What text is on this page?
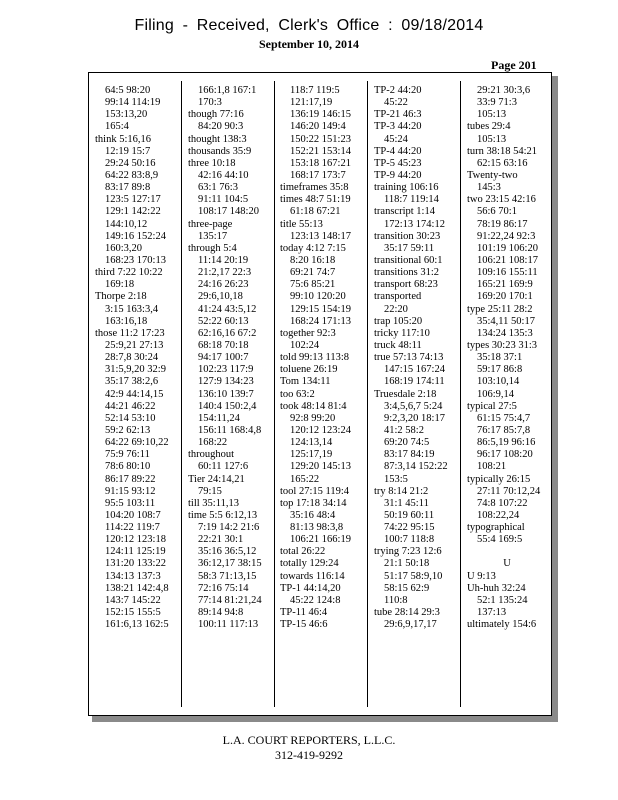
Filing - Received, Clerk's Office : 09/18/2014
September 10, 2014
Page 201
64:5 98:20
99:14 114:19
153:13,20
165:4
think 5:16,16
12:19 15:7
29:24 50:16
64:22 83:8,9
83:17 89:8
123:5 127:17
129:1 142:22
144:10,12
149:16 152:24
160:3,20
168:23 170:13
third 7:22 10:22
169:18
Thorpe 2:18
3:15 163:3,4
163:16,18
those 11:2 17:23
25:9,21 27:13
28:7,8 30:24
31:5,9,20 32:9
35:17 38:2,6
42:9 44:14,15
44:21 46:22
52:14 53:10
59:2 62:13
64:22 69:10,22
75:9 76:11
78:6 80:10
86:17 89:22
91:15 93:12
95:5 103:11
104:20 108:7
114:22 119:7
120:12 123:18
124:11 125:19
131:20 133:22
134:13 137:3
138:21 142:4,8
143:7 145:22
152:15 155:5
161:6,13 162:5
166:1,8 167:1
170:3
though 77:16
84:20 90:3
thought 138:3
thousands 35:9
three 10:18
42:16 44:10
63:1 76:3
91:11 104:5
108:17 148:20
three-page
135:17
through 5:4
11:14 20:19
21:2,17 22:3
24:16 26:23
29:6,10,18
41:24 43:5,12
52:22 60:13
62:16,16 67:2
68:18 70:18
94:17 100:7
102:23 117:9
127:9 134:23
136:10 139:7
140:4 150:2,4
154:11,24
156:11 168:4,8
168:22
throughout
60:11 127:6
Tier 24:14,21
79:15
till 35:11,13
time 5:5 6:12,13
7:19 14:2 21:6
22:21 30:1
35:16 36:5,12
36:12,17 38:15
58:3 71:13,15
72:16 75:14
77:14 81:21,24
89:14 94:8
100:11 117:13
118:7 119:5
121:17,19
136:19 146:15
146:20 149:4
150:22 151:23
152:21 153:14
153:18 167:21
168:17 173:7
timeframes 35:8
times 48:7 51:19
61:18 67:21
title 55:13
123:13 148:17
today 4:12 7:15
8:20 16:18
69:21 74:7
75:6 85:21
99:10 120:20
129:15 154:19
168:24 171:13
together 92:3
102:24
told 99:13 113:8
toluene 26:19
Tom 134:11
too 63:2
took 48:14 81:4
92:8 99:20
120:12 123:24
124:13,14
125:17,19
129:20 145:13
165:22
tool 27:15 119:4
top 17:18 34:14
35:16 48:4
81:13 98:3,8
106:21 166:19
total 26:22
totally 129:24
towards 116:14
TP-1 44:14,20
45:22 124:8
TP-11 46:4
TP-15 46:6
TP-2 44:20
45:22
TP-21 46:3
TP-3 44:20
45:24
TP-4 44:20
TP-5 45:23
TP-9 44:20
training 106:16
118:7 119:14
transcript 1:14
172:13 174:12
transition 30:23
35:17 59:11
transitional 60:1
transitions 31:2
transport 68:23
transported
22:20
trap 105:20
tricky 117:10
truck 48:11
true 57:13 74:13
147:15 167:24
168:19 174:11
Truesdale 2:18
3:4,5,6,7 5:24
9:2,3,20 18:17
41:2 58:2
69:20 74:5
83:17 84:19
87:3,14 152:22
153:5
try 8:14 21:2
31:1 45:11
50:19 60:11
74:22 95:15
100:7 118:8
trying 7:23 12:6
21:1 50:18
51:17 58:9,10
58:15 62:9
110:8
tube 28:14 29:3
29:6,9,17,17
29:21 30:3,6
33:9 71:3
105:13
tubes 29:4
105:13
turn 38:18 54:21
62:15 63:16
Twenty-two
145:3
two 23:15 42:16
56:6 70:1
78:19 86:17
91:22,24 92:3
101:19 106:20
106:21 108:17
109:16 155:11
165:21 169:9
169:20 170:1
type 25:11 28:2
35:4,11 50:17
134:24 135:3
types 30:23 31:3
35:18 37:1
59:17 86:8
103:10,14
106:9,14
typical 27:5
61:15 75:4,7
76:17 85:7,8
86:5,19 96:16
96:17 108:20
108:21
typically 26:15
27:11 70:12,24
74:8 107:22
108:22,24
typographical
55:4 169:5
U
U 9:13
Uh-huh 32:24
52:1 135:24
137:13
ultimately 154:6
L.A. COURT REPORTERS, L.L.C.
312-419-9292
